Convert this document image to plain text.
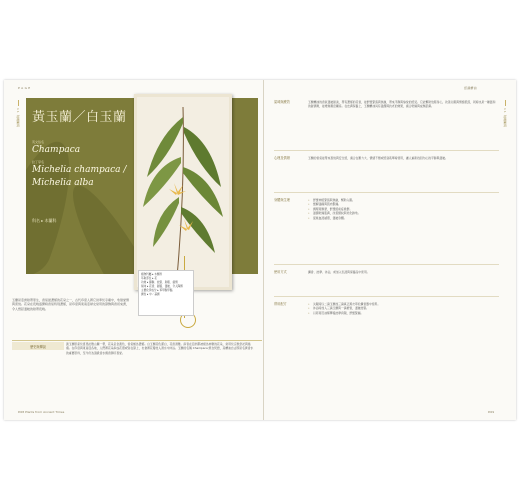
P A G E
1 1
認識精油 黃玉蘭／白玉蘭
英文俗名
Champaca
拉丁學名
Michelia champaca /
Michelia alba
科名 ▸ 木蘭科
植物科屬 ▸ 木蘭科
萃取部位 ▸ 花
功效 ▸ 鎮靜、放鬆、助眠、催情
氣味 ▸ 花香、甜膩、溫暖、令人陶醉
主要化學成分 ▸ 苯甲酸甲酯
調性 ▸ 中／基調
玉蘭是亞洲熱帶原生，香氣最濃郁的花朵之一，古代印度人將它供奉於寺廟中，象徵愛情與喜悅。花朵在夜晚盛開時香氣特別濃郁，是印度與東南亞婦女常用的髮飾與香氛來源，令人想起溫暖的熱帶夜晚。
歷史與傳說
黃玉蘭原產於喜馬拉雅山麓一帶，花朵呈金黃色，香氣極為濃郁。白玉蘭花色潔白，花香清雅。兩者在亞洲都被視為神聖的花朵，常用於宗教祭祀與婚禮。在印度與東南亞各地，人們將花朵串成花環或別在髮上，也會將花瓣放入清水中沐浴。玉蘭的名稱 Champaca 源自梵語，其精油自古即是名貴香水的重要原料，至今仍為頂級香水調香師所喜愛。
P.68 Plants from Ancient Times
認識精油
1 1
認識精油
氣味與療效	玉蘭精油的香氣溫暖甜美，帶有濃郁的花香，能舒緩緊張與焦慮，帶來平靜與愉悅的感受。它能幫助放鬆身心，改善失眠與情緒低落，同時也是一種溫和的催情劑，能增進親密關係。在皮膚保養上，玉蘭精油具有滋潤與抗老的效果，適合乾燥與成熟肌膚。
心理及情緒	玉蘭的香氣能帶來喜悅與安全感，適合在壓力大、情緒不穩或感到孤單時使用，讓人重新找回內心的平靜與溫暖。
身體與生理	• 舒緩神經緊張與焦慮，幫助入眠。
• 緩解頭痛與肌肉緊繃。
• 調理荷爾蒙，舒緩經前症候群。
• 滋潤乾燥肌膚，改善細紋與老化跡象。
• 促進血液循環，溫暖身體。
使用方式	擴香、按摩、沐浴，或加入乳液與保養品中使用。
實用配方	• 失眠時以二滴玉蘭加三滴真正薰衣草於擴香器中使用。
• 沐浴時加入三滴玉蘭與一滴檀香，溫暖放鬆。
• 以荷荷芭油稀釋後按摩肩頸，舒緩緊繃。
P.69
